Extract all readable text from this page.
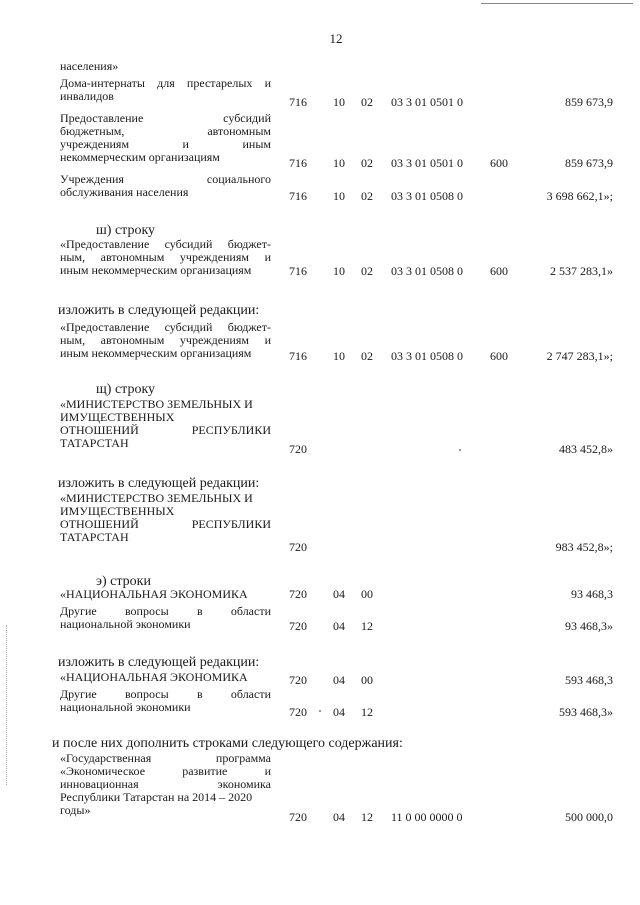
12
населения»
Дома-интернаты для престарелых и
инвалидов	716	10	02	03 3 01 0501 0	859 673,9
Предоставление субсидий
бюджетным, автономным
учреждениям и иным
некоммерческим организациям	716	10	02	03 3 01 0501 0	600	859 673,9
Учреждения социального
обслуживания населения	716	10	02	03 3 01 0508 0	3 698 662,1»;
ш) строку
«Предоставление субсидий бюджет-
ным, автономным учреждениям и
иным некоммерческим организациям	716	10	02	03 3 01 0508 0	600	2 537 283,1»
изложить в следующей редакции:
«Предоставление субсидий бюджет-
ным, автономным учреждениям и
иным некоммерческим организациям	716	10	02	03 3 01 0508 0	600	2 747 283,1»;
щ) строку
«МИНИСТЕРСТВО ЗЕМЕЛЬНЫХ И
ИМУЩЕСТВЕННЫХ
ОТНОШЕНИЙ РЕСПУБЛИКИ
ТАТАРСТАН	720	483 452,8»
изложить в следующей редакции:
«МИНИСТЕРСТВО ЗЕМЕЛЬНЫХ И
ИМУЩЕСТВЕННЫХ
ОТНОШЕНИЙ РЕСПУБЛИКИ
ТАТАРСТАН
720	983 452,8»;
э) строки
«НАЦИОНАЛЬНАЯ ЭКОНОМИКА	720	04	00	93 468,3
Другие вопросы в области
национальной экономики	720	04	12	93 468,3»
изложить в следующей редакции:
«НАЦИОНАЛЬНАЯ ЭКОНОМИКА	720	04	00	593 468,3
Другие вопросы в области
национальной экономики	720	04	12	593 468,3»
и после них дополнить строками следующего содержания:
«Государственная программа
«Экономическое развитие и
инновационная экономика
Республики Татарстан на 2014 – 2020
годы»	720	04	12	11 0 00 0000 0	500 000,0
